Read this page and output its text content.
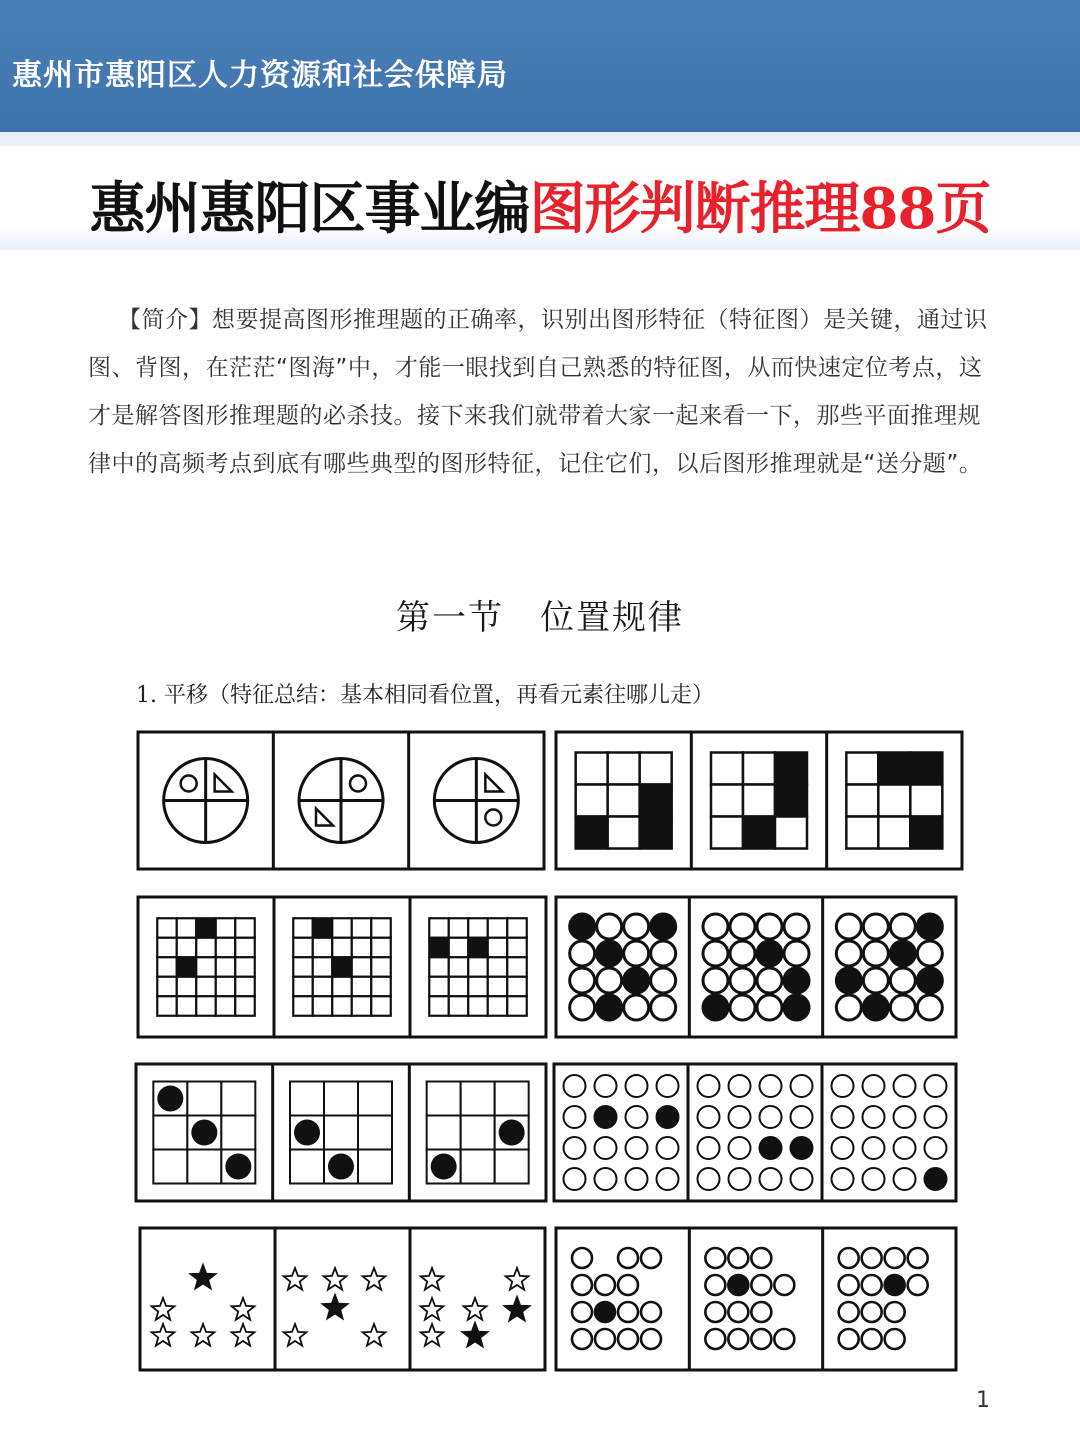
惠州市惠阳区人力资源和社会保障局
惠州惠阳区事业编图形判断推理88页
【简介】想要提高图形推理题的正确率，识别出图形特征（特征图）是关键，通过识图、背图，在茫茫“图海”中，才能一眼找到自己熟悉的特征图，从而快速定位考点，这才是解答图形推理题的必杀技。接下来我们就带着大家一起来看一下，那些平面推理规律中的高频考点到底有哪些典型的图形特征，记住它们，以后图形推理就是“送分题”。
第一节　位置规律
1. 平移（特征总结：基本相同看位置，再看元素往哪儿走）
1
